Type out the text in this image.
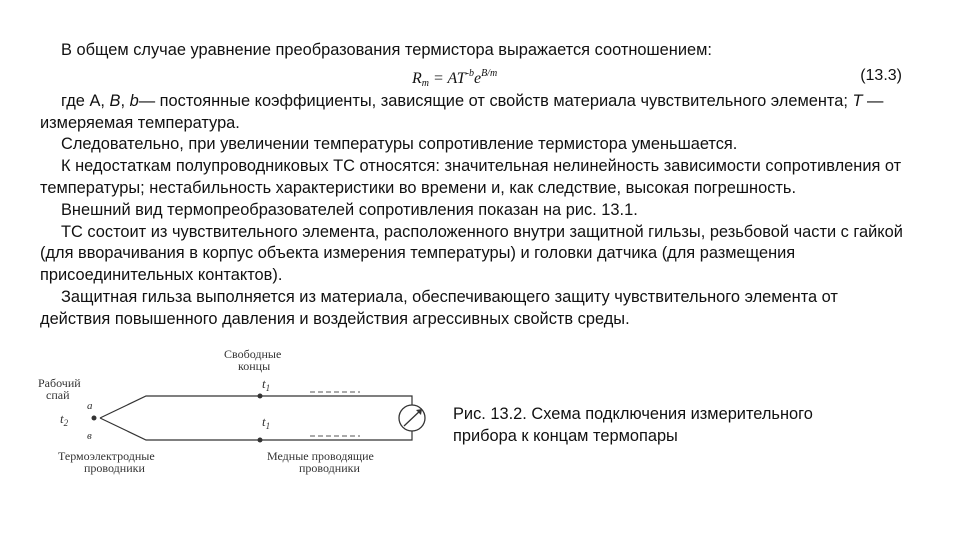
В общем случае уравнение преобразования термистора выражается соотношением:

$R_m = AT^{-b}e^{B/m}$	(13.3)

где А, B, b— постоянные коэффициенты, зависящие от свойств материала чувствительного элемента; Т — измеряемая температура.

Следовательно, при увеличении температуры сопротивление термистора уменьшается.

К недостаткам полупроводниковых ТС относятся: значительная нелинейность зависимости сопротивления от температуры; нестабильность характеристики во времени и, как следствие, высокая погрешность.

Внешний вид термопреобразователей сопротивления показан на рис. 13.1.

ТС состоит из чувствительного элемента, расположенного внутри защитной гильзы, резьбовой части с гайкой (для вворачивания в корпус объекта измерения температуры) и головки датчика (для размещения присоединительных контактов).

Защитная гильза выполняется из материала, обеспечивающего защиту чувствительного элемента от действия повышенного давления и воздействия агрессивных свойств среды.

Рабочий
спай
$t_2$
а
в
Свободные
концы
$t_1$
$t_1$
Термоэлектродные
проводники
Медные проводящие
проводники
Рис. 13.2. Схема подключения измерительного
прибора к концам термопары
